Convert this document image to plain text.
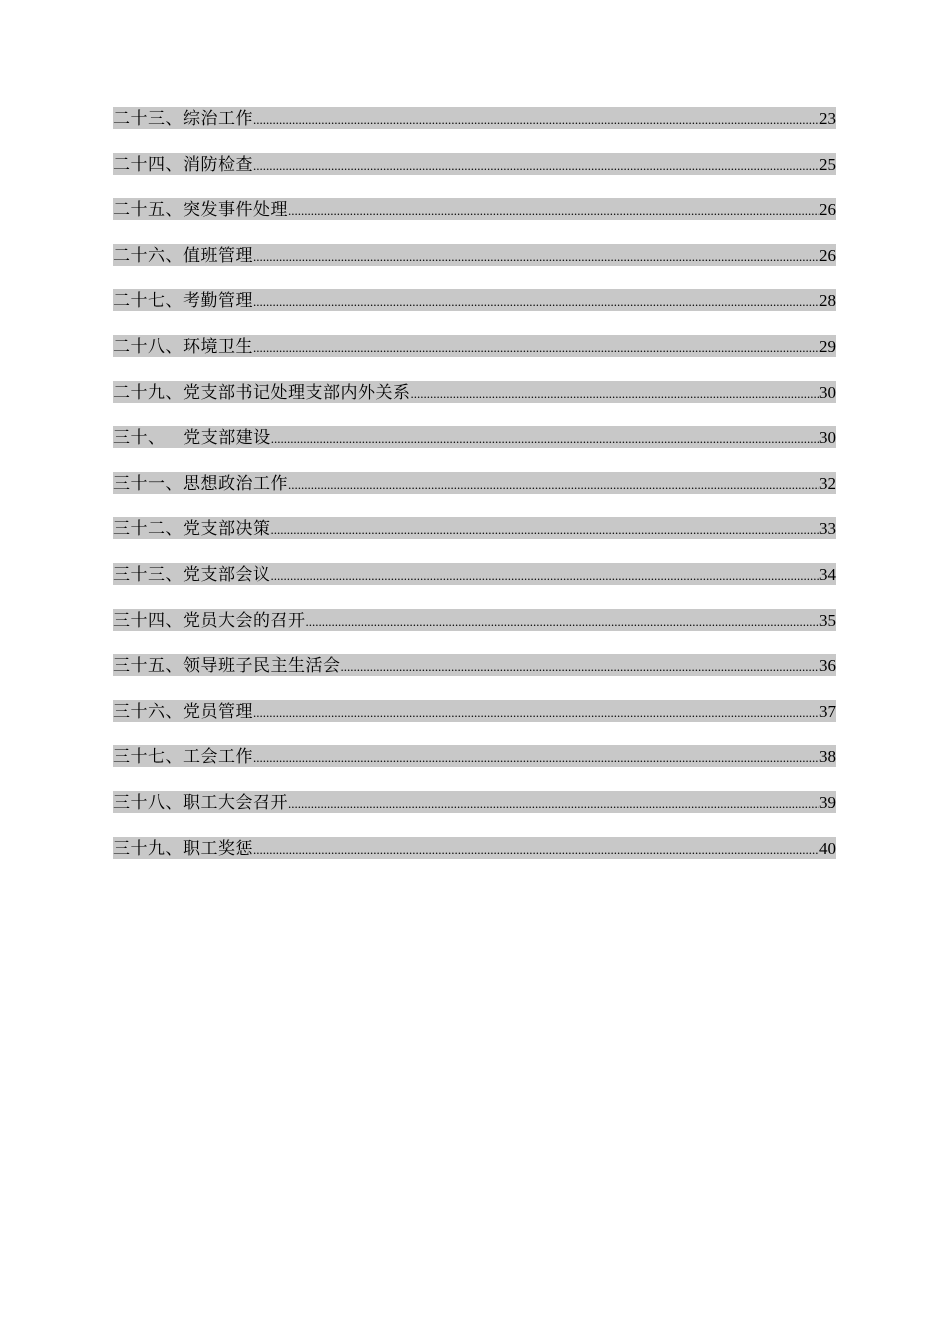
二十三、综治工作 .....	23
二十四、消防检查 .....	25
二十五、突发事件处理 .....	26
二十六、值班管理 .....	26
二十七、考勤管理 .....	28
二十八、环境卫生 .....	29
二十九、党支部书记处理支部内外关系 .....	30
三十、   党支部建设 .....	30
三十一、思想政治工作 .....	32
三十二、党支部决策 .....	33
三十三、党支部会议 .....	34
三十四、党员大会的召开 .....	35
三十五、领导班子民主生活会 .....	36
三十六、党员管理 .....	37
三十七、工会工作 .....	38
三十八、职工大会召开 .....	39
三十九、职工奖惩 .....	40
